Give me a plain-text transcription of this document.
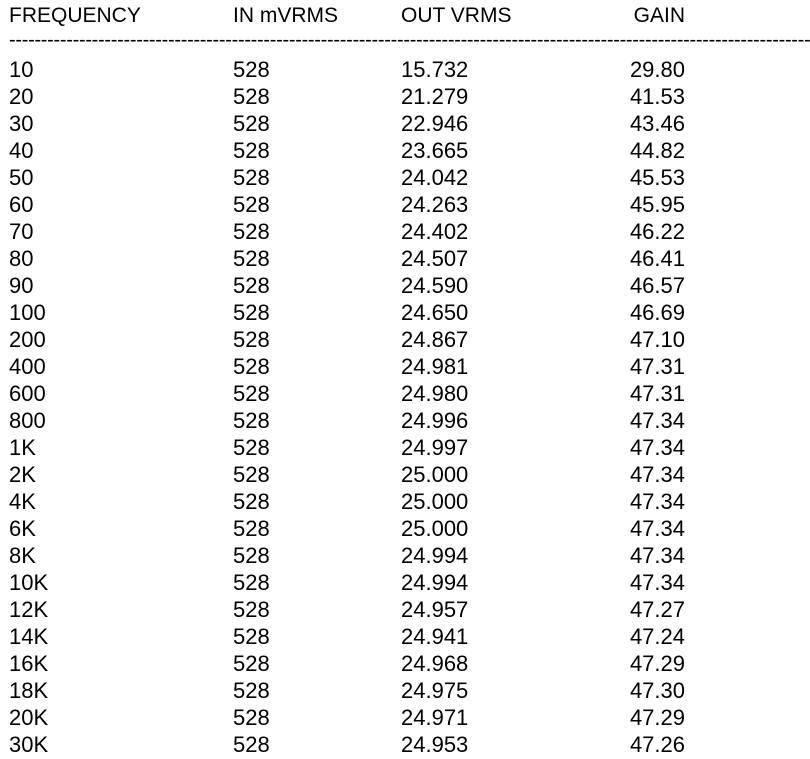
FREQUENCY	IN mVRMS	OUT VRMS	GAIN
------------------------------------------------------------------------------------------------------------------------------
10	528	15.732	29.80
20	528	21.279	41.53
30	528	22.946	43.46
40	528	23.665	44.82
50	528	24.042	45.53
60	528	24.263	45.95
70	528	24.402	46.22
80	528	24.507	46.41
90	528	24.590	46.57
100	528	24.650	46.69
200	528	24.867	47.10
400	528	24.981	47.31
600	528	24.980	47.31
800	528	24.996	47.34
1K	528	24.997	47.34
2K	528	25.000	47.34
4K	528	25.000	47.34
6K	528	25.000	47.34
8K	528	24.994	47.34
10K	528	24.994	47.34
12K	528	24.957	47.27
14K	528	24.941	47.24
16K	528	24.968	47.29
18K	528	24.975	47.30
20K	528	24.971	47.29
30K	528	24.953	47.26
